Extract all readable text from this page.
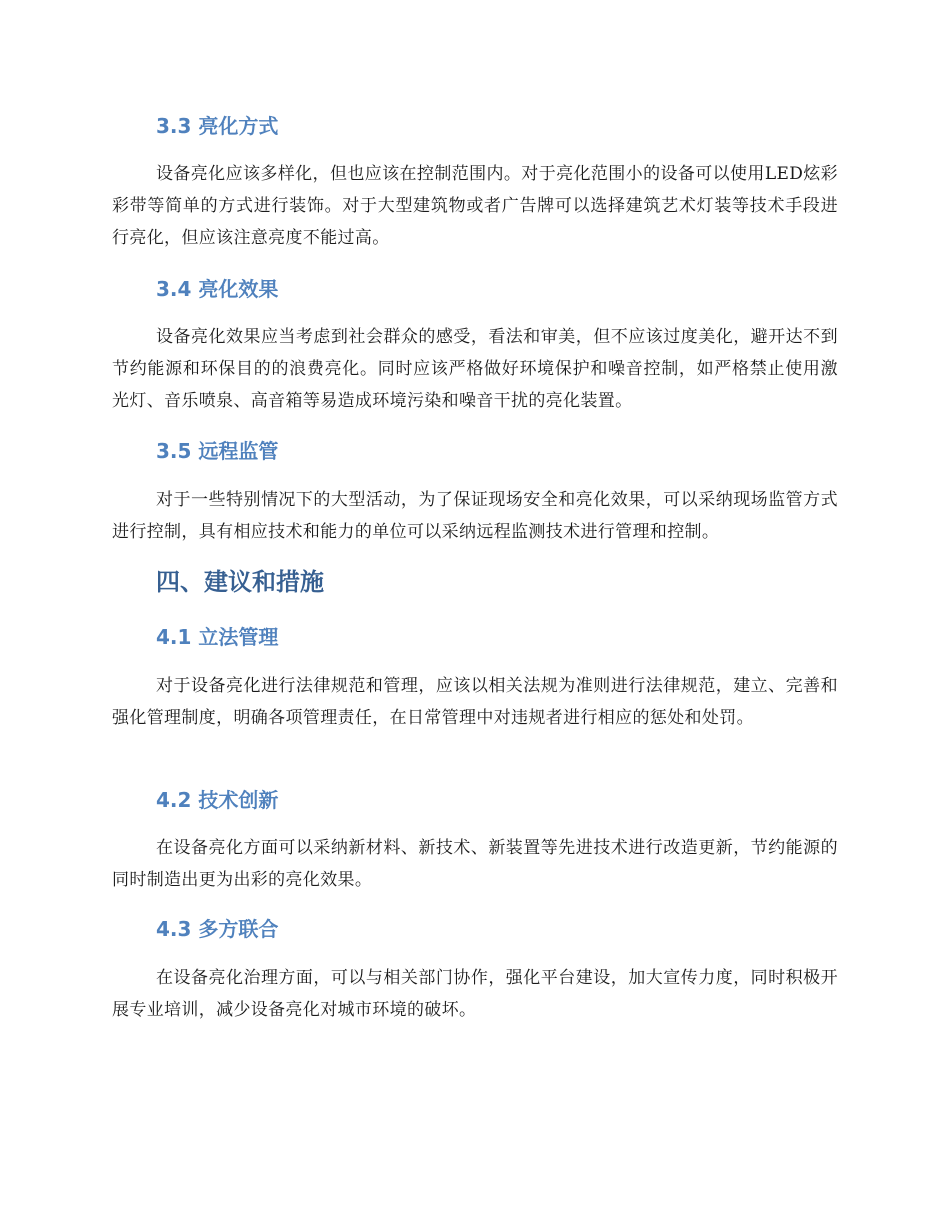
3.3 亮化方式

设备亮化应该多样化，但也应该在控制范围内。对于亮化范围小的设备可以使用LED炫彩彩带等简单的方式进行装饰。对于大型建筑物或者广告牌可以选择建筑艺术灯装等技术手段进行亮化，但应该注意亮度不能过高。

3.4 亮化效果

设备亮化效果应当考虑到社会群众的感受，看法和审美，但不应该过度美化，避开达不到节约能源和环保目的的浪费亮化。同时应该严格做好环境保护和噪音控制，如严格禁止使用激光灯、音乐喷泉、高音箱等易造成环境污染和噪音干扰的亮化装置。

3.5 远程监管

对于一些特别情况下的大型活动，为了保证现场安全和亮化效果，可以采纳现场监管方式进行控制，具有相应技术和能力的单位可以采纳远程监测技术进行管理和控制。

四、建议和措施
4.1 立法管理

对于设备亮化进行法律规范和管理，应该以相关法规为准则进行法律规范，建立、完善和强化管理制度，明确各项管理责任，在日常管理中对违规者进行相应的惩处和处罚。

4.2 技术创新

在设备亮化方面可以采纳新材料、新技术、新装置等先进技术进行改造更新，节约能源的同时制造出更为出彩的亮化效果。

4.3 多方联合

在设备亮化治理方面，可以与相关部门协作，强化平台建设，加大宣传力度，同时积极开展专业培训，减少设备亮化对城市环境的破坏。
